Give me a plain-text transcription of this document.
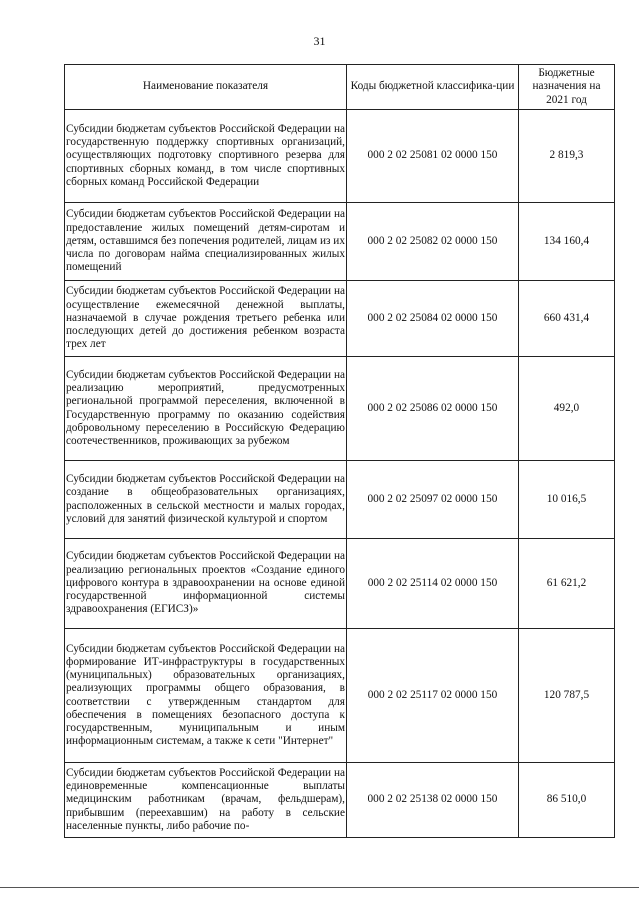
31
Наименование показателя	Коды бюджетной классифика-ции	Бюджетные назначения на 2021 год
Субсидии бюджетам субъектов Российской Федерации на государственную поддержку спортивных организаций, осуществляющих подготовку спортивного резерва для спортивных сборных команд, в том числе спортивных сборных команд Российской Федерации	000 2 02 25081 02 0000 150	2 819,3
Субсидии бюджетам субъектов Российской Федерации на предоставление жилых помещений детям-сиротам и детям, оставшимся без попечения родителей, лицам из их числа по договорам найма специализированных жилых помещений	000 2 02 25082 02 0000 150	134 160,4
Субсидии бюджетам субъектов Российской Федерации на осуществление ежемесячной денежной выплаты, назначаемой в случае рождения третьего ребенка или последующих детей до достижения ребенком возраста трех лет	000 2 02 25084 02 0000 150	660 431,4
Субсидии бюджетам субъектов Российской Федерации на реализацию мероприятий, предусмотренных региональной программой переселения, включенной в Государственную программу по оказанию содействия добровольному переселению в Российскую Федерацию соотечественников, проживающих за рубежом	000 2 02 25086 02 0000 150	492,0
Субсидии бюджетам субъектов Российской Федерации на создание в общеобразовательных организациях, расположенных в сельской местности и малых городах, условий для занятий физической культурой и спортом	000 2 02 25097 02 0000 150	10 016,5
Субсидии бюджетам субъектов Российской Федерации на реализацию региональных проектов «Создание единого цифрового контура в здравоохранении на основе единой государственной информационной системы здравоохранения (ЕГИСЗ)»	000 2 02 25114 02 0000 150	61 621,2
Субсидии бюджетам субъектов Российской Федерации на формирование ИТ-инфраструктуры в государственных (муниципальных) образовательных организациях, реализующих программы общего образования, в соответствии с утвержденным стандартом для обеспечения в помещениях безопасного доступа к государственным, муниципальным и иным информационным системам, а также к сети "Интернет"	000 2 02 25117 02 0000 150	120 787,5
Субсидии бюджетам субъектов Российской Федерации на единовременные компенсационные выплаты медицинским работникам (врачам, фельдшерам), прибывшим (переехавшим) на работу в сельские населенные пункты, либо рабочие по-	000 2 02 25138 02 0000 150	86 510,0
